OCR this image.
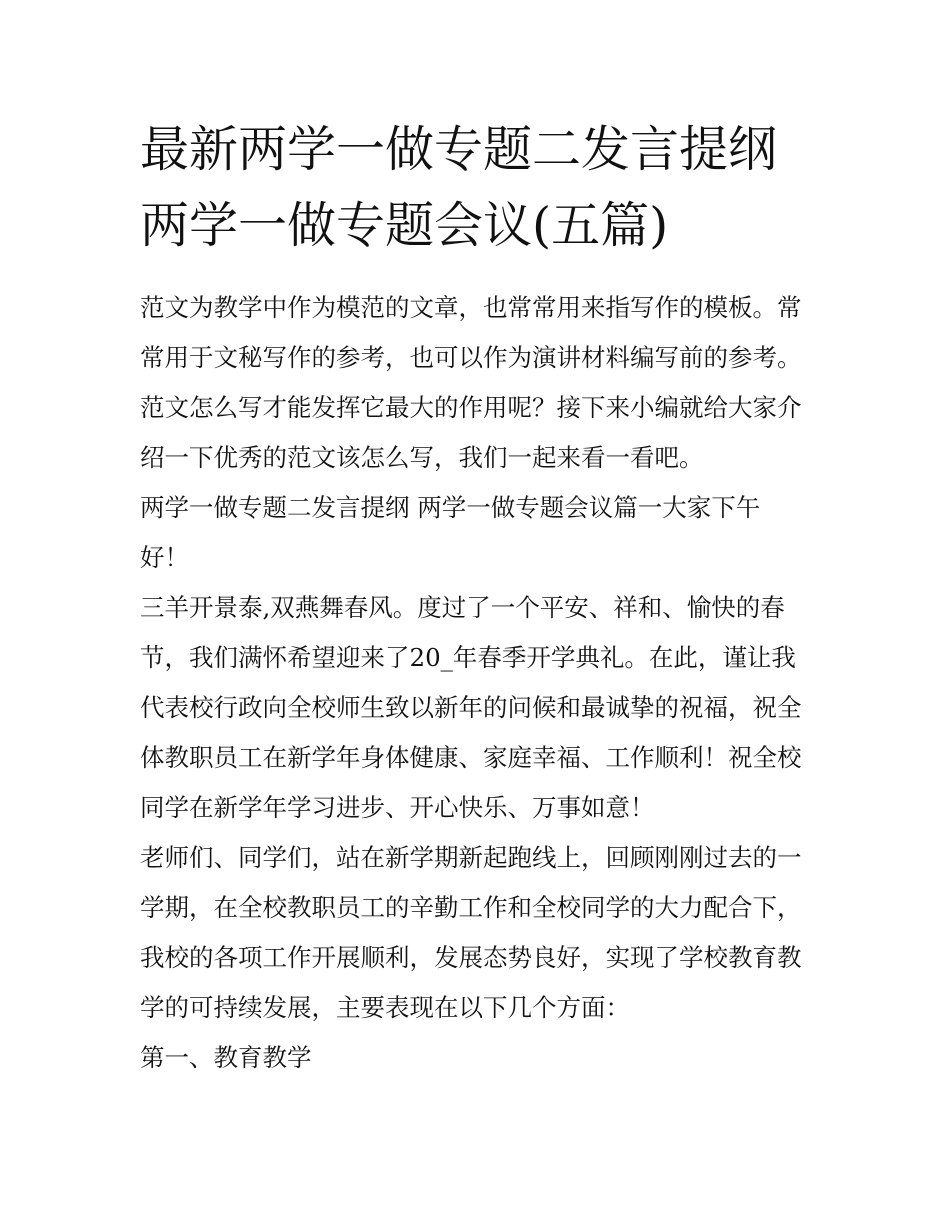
最新两学一做专题二发言提纲
两学一做专题会议(五篇)

范文为教学中作为模范的文章，也常常用来指写作的模板。常常用于文秘写作的参考，也可以作为演讲材料编写前的参考。范文怎么写才能发挥它最大的作用呢？接下来小编就给大家介绍一下优秀的范文该怎么写，我们一起来看一看吧。

两学一做专题二发言提纲 两学一做专题会议篇一大家下午好！

三羊开景泰,双燕舞春风。度过了一个平安、祥和、愉快的春节，我们满怀希望迎来了20_年春季开学典礼。在此，谨让我代表校行政向全校师生致以新年的问候和最诚挚的祝福，祝全体教职员工在新学年身体健康、家庭幸福、工作顺利！祝全校同学在新学年学习进步、开心快乐、万事如意！

老师们、同学们，站在新学期新起跑线上，回顾刚刚过去的一学期，在全校教职员工的辛勤工作和全校同学的大力配合下，我校的各项工作开展顺利，发展态势良好，实现了学校教育教学的可持续发展，主要表现在以下几个方面：

第一、教育教学
